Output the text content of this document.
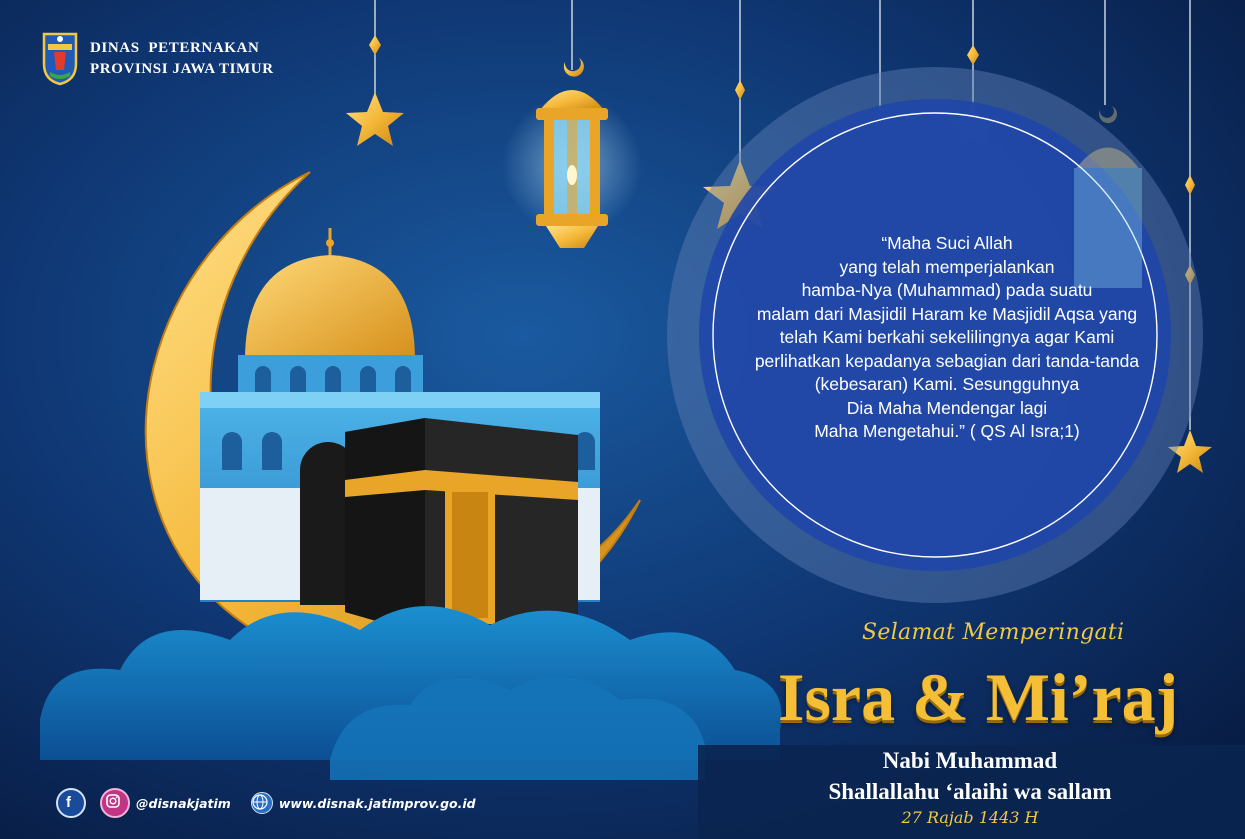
DINAS  PETERNAKAN
PROVINSI JAWA TIMUR
“Maha Suci Allah
yang telah memperjalankan
hamba-Nya (Muhammad) pada suatu
malam dari Masjidil Haram ke Masjidil Aqsa yang
telah Kami berkahi sekelilingnya agar Kami
perlihatkan kepadanya sebagian dari tanda-tanda
(kebesaran) Kami. Sesungguhnya
Dia Maha Mendengar lagi
Maha Mengetahui.” ( QS Al Isra;1)
Selamat Memperingati
Isra & Mi’raj
Nabi Muhammad
Shallallahu ‘alaihi wa sallam
27 Rajab 1443 H
f	@disnakjatim	www.disnak.jatimprov.go.id
